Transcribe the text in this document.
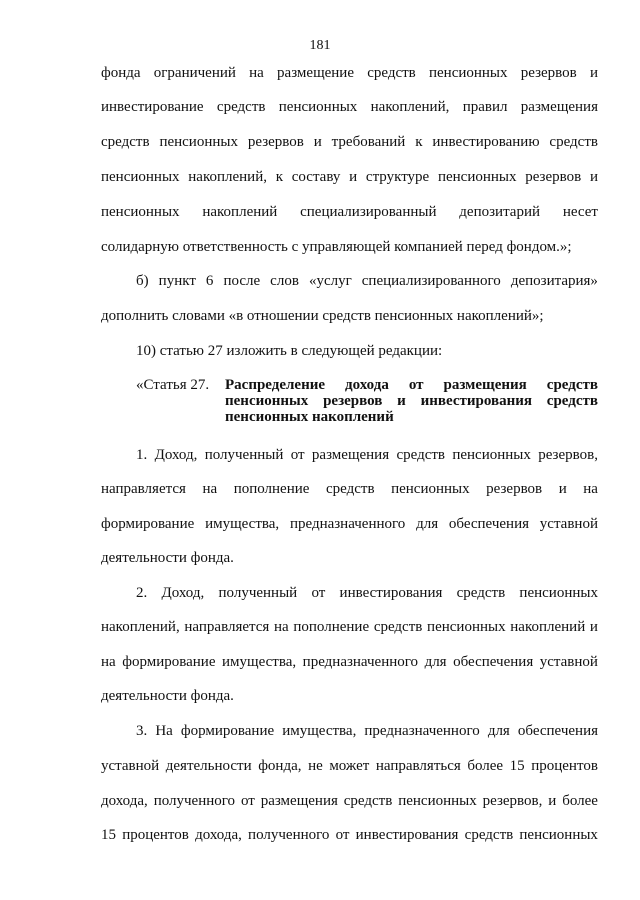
181
фонда ограничений на размещение средств пенсионных резервов и
инвестирование средств пенсионных накоплений, правил размещения
средств пенсионных резервов и требований к инвестированию средств
пенсионных накоплений, к составу и структуре пенсионных резервов и
пенсионных накоплений специализированный депозитарий несет
солидарную ответственность с управляющей компанией перед фондом.»;
б) пункт 6 после слов «услуг специализированного депозитария»
дополнить словами «в отношении средств пенсионных накоплений»;
10) статью 27 изложить в следующей редакции:
«Статья 27. Распределение дохода от размещения средств
пенсионных резервов и инвестирования средств
пенсионных накоплений
1. Доход, полученный от размещения средств пенсионных резервов,
направляется на пополнение средств пенсионных резервов и на
формирование имущества, предназначенного для обеспечения уставной
деятельности фонда.
2. Доход, полученный от инвестирования средств пенсионных
накоплений, направляется на пополнение средств пенсионных накоплений и
на формирование имущества, предназначенного для обеспечения уставной
деятельности фонда.
3. На формирование имущества, предназначенного для обеспечения
уставной деятельности фонда, не может направляться более 15 процентов
дохода, полученного от размещения средств пенсионных резервов, и более
15 процентов дохода, полученного от инвестирования средств пенсионных
